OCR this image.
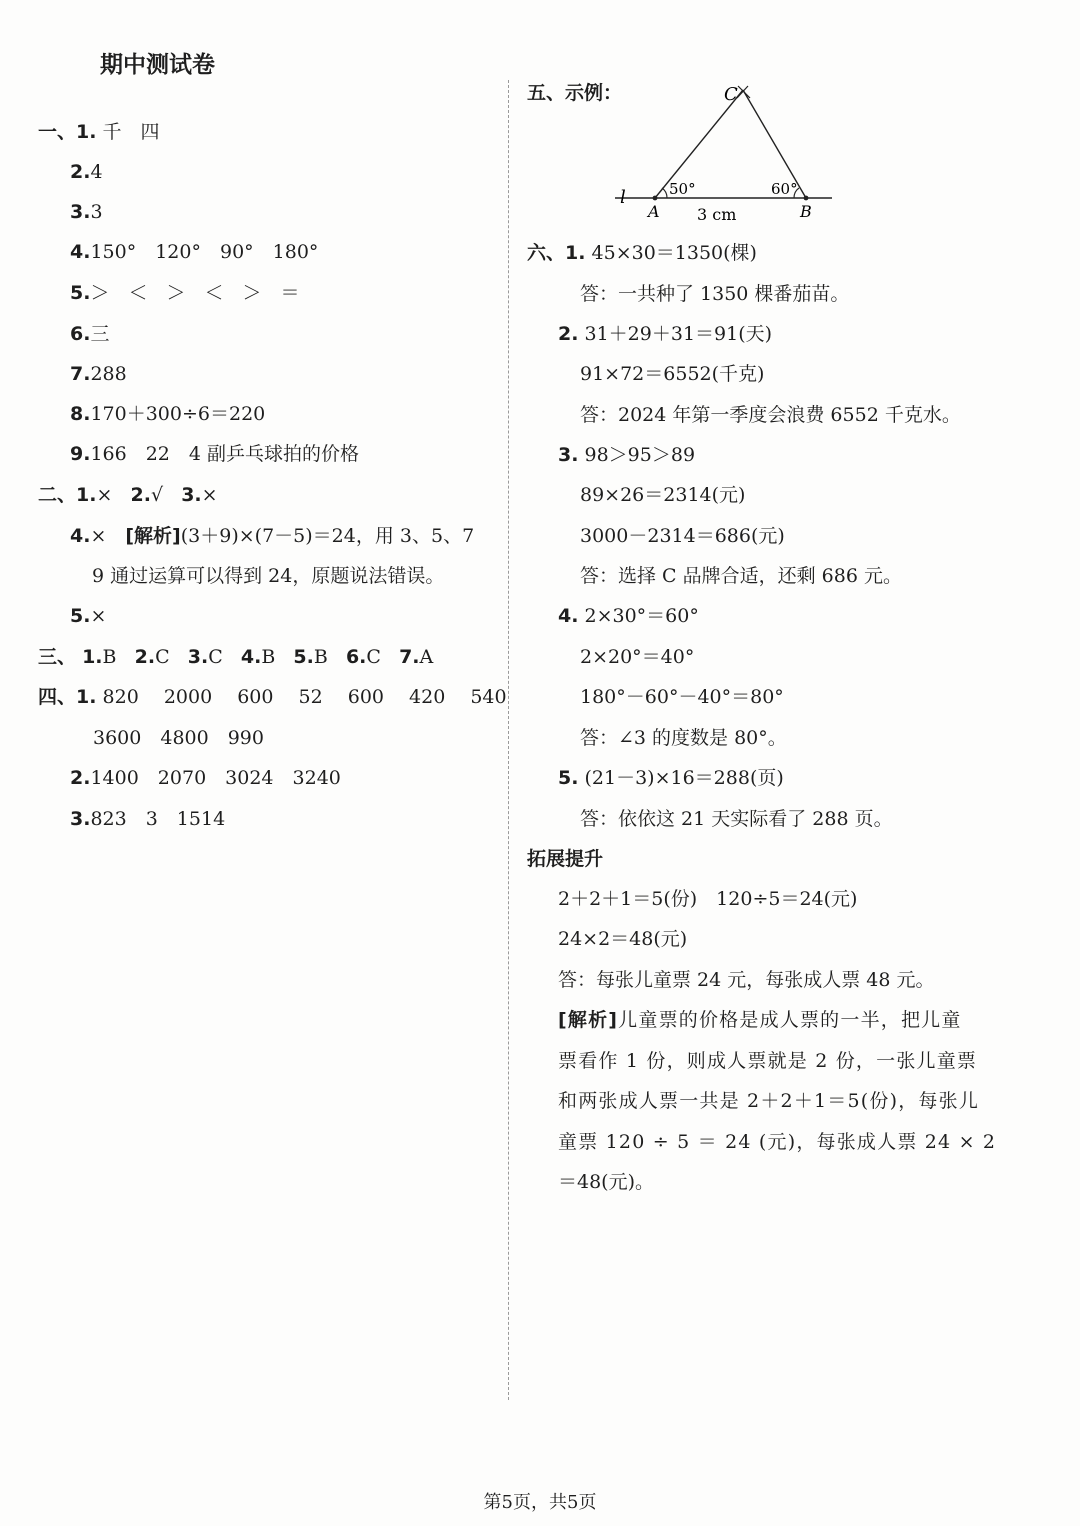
期中测试卷
一、1. 千　四
2.4
3.3
4.150°　120°　90°　180°
5.＞　＜　＞　＜　＞　＝
6.三
7.288
8.170＋300÷6＝220
9.166　22　4 副乒乓球拍的价格
二、1.× 2.√ 3.×
4.×　[解析](3＋9)×(7－5)＝24，用 3、5、7
9 通过运算可以得到 24，原题说法错误。
5.×
三、 1.B 2.C 3.C 4.B 5.B 6.C 7.A
四、1. 820　 2000　 600　 52　 600　 420　 540
3600　4800　990
2.1400　2070　3024　3240
3.823　3　1514
五、示例：	C
A	B
l	50°	60°
3 cm
六、1. 45×30＝1350(棵)
答：一共种了 1350 棵番茄苗。
2. 31＋29＋31＝91(天)
91×72＝6552(千克)
答：2024 年第一季度会浪费 6552 千克水。
3. 98＞95＞89
89×26＝2314(元)
3000－2314＝686(元)
答：选择 C 品牌合适，还剩 686 元。
4. 2×30°＝60°
2×20°＝40°
180°－60°－40°＝80°
答：∠3 的度数是 80°。
5. (21－3)×16＝288(页)
答：依依这 21 天实际看了 288 页。
拓展提升
2＋2＋1＝5(份)　120÷5＝24(元)
24×2＝48(元)
答：每张儿童票 24 元，每张成人票 48 元。
[解析]儿童票的价格是成人票的一半，把儿童
票看作 1 份，则成人票就是 2 份，一张儿童票
和两张成人票一共是 2＋2＋1＝5(份)，每张儿
童票 120 ÷ 5 ＝ 24 (元)，每张成人票 24 × 2
＝48(元)。
第5页，共5页
